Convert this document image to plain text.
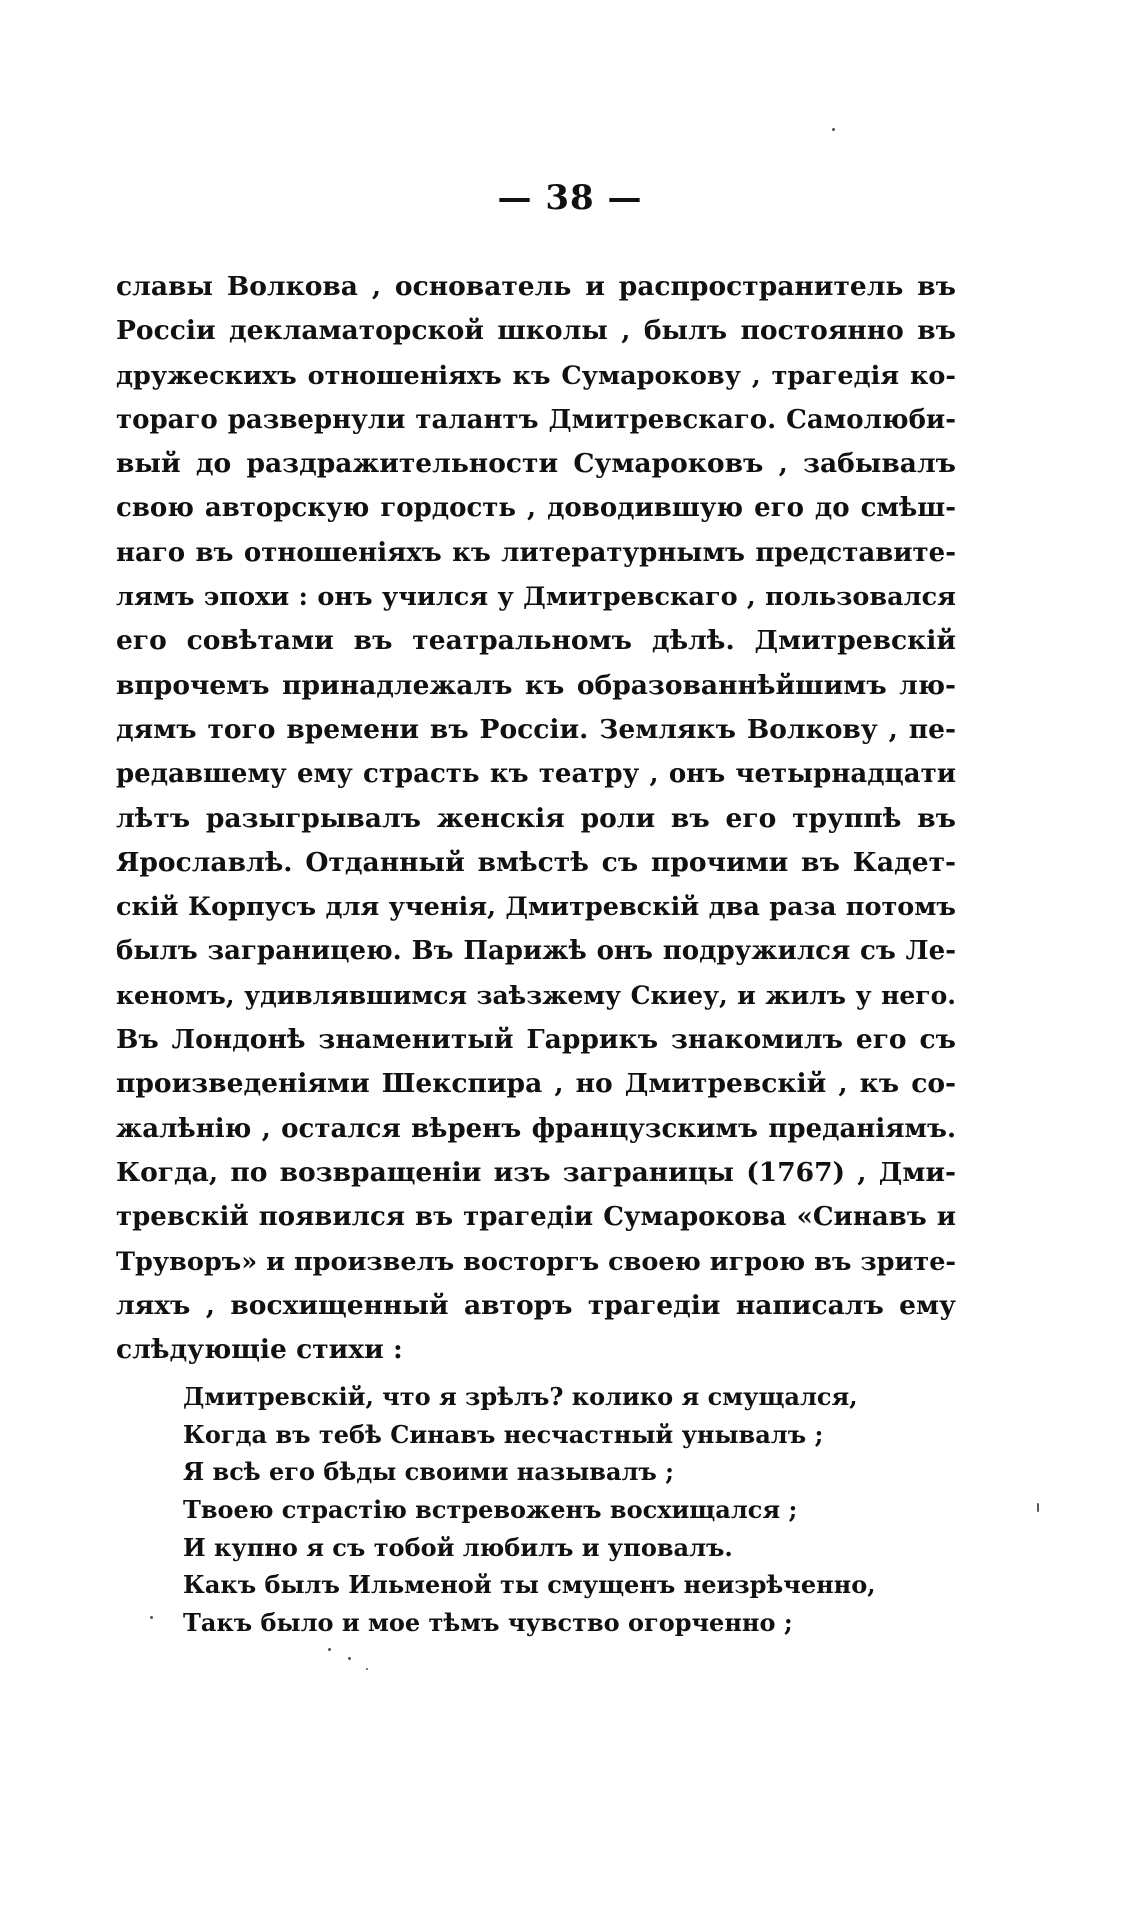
— 38 —
славы Волкова , основатель и распространитель въ
Россіи декламаторской школы , былъ постоянно въ
дружескихъ отношеніяхъ къ Сумарокову , трагедія ко-
тораго развернули талантъ Дмитревскаго. Самолюби-
вый до раздражительности Сумароковъ , забывалъ
свою авторскую гордость , доводившую его до смѣш-
наго въ отношеніяхъ къ литературнымъ представите-
лямъ эпохи : онъ учился у Дмитревскаго , пользовался
его совѣтами въ театральномъ дѣлѣ. Дмитревскій
впрочемъ принадлежалъ къ образованнѣйшимъ лю-
дямъ того времени въ Россіи. Землякъ Волкову , пе-
редавшему ему страсть къ театру , онъ четырнадцати
лѣтъ разыгрывалъ женскія роли въ его труппѣ въ
Ярославлѣ. Отданный вмѣстѣ съ прочими въ Кадет-
скій Корпусъ для ученія, Дмитревскій два раза потомъ
былъ заграницею. Въ Парижѣ онъ подружился съ Ле-
кеномъ, удивлявшимся заѣзжему Скиеу, и жилъ у него.
Въ Лондонѣ знаменитый Гаррикъ знакомилъ его съ
произведеніями Шекспира , но Дмитревскій , къ со-
жалѣнію , остался вѣренъ французскимъ преданіямъ.
Когда, по возвращеніи изъ заграницы (1767) , Дми-
тревскій появился въ трагедіи Сумарокова «Синавъ и
Труворъ» и произвелъ восторгъ своею игрою въ зрите-
ляхъ , восхищенный авторъ трагедіи написалъ ему
слѣдующіе стихи :
Дмитревскій, что я зрѣлъ? колико я смущался,
Когда въ тебѣ Синавъ несчастный унывалъ ;
Я всѣ его бѣды своими называлъ ;
Твоею страстію встревоженъ восхищался ;
И купно я съ тобой любилъ и уповалъ.
Какъ былъ Ильменой ты смущенъ неизрѣченно,
Такъ было и мое тѣмъ чувство огорченно ;
